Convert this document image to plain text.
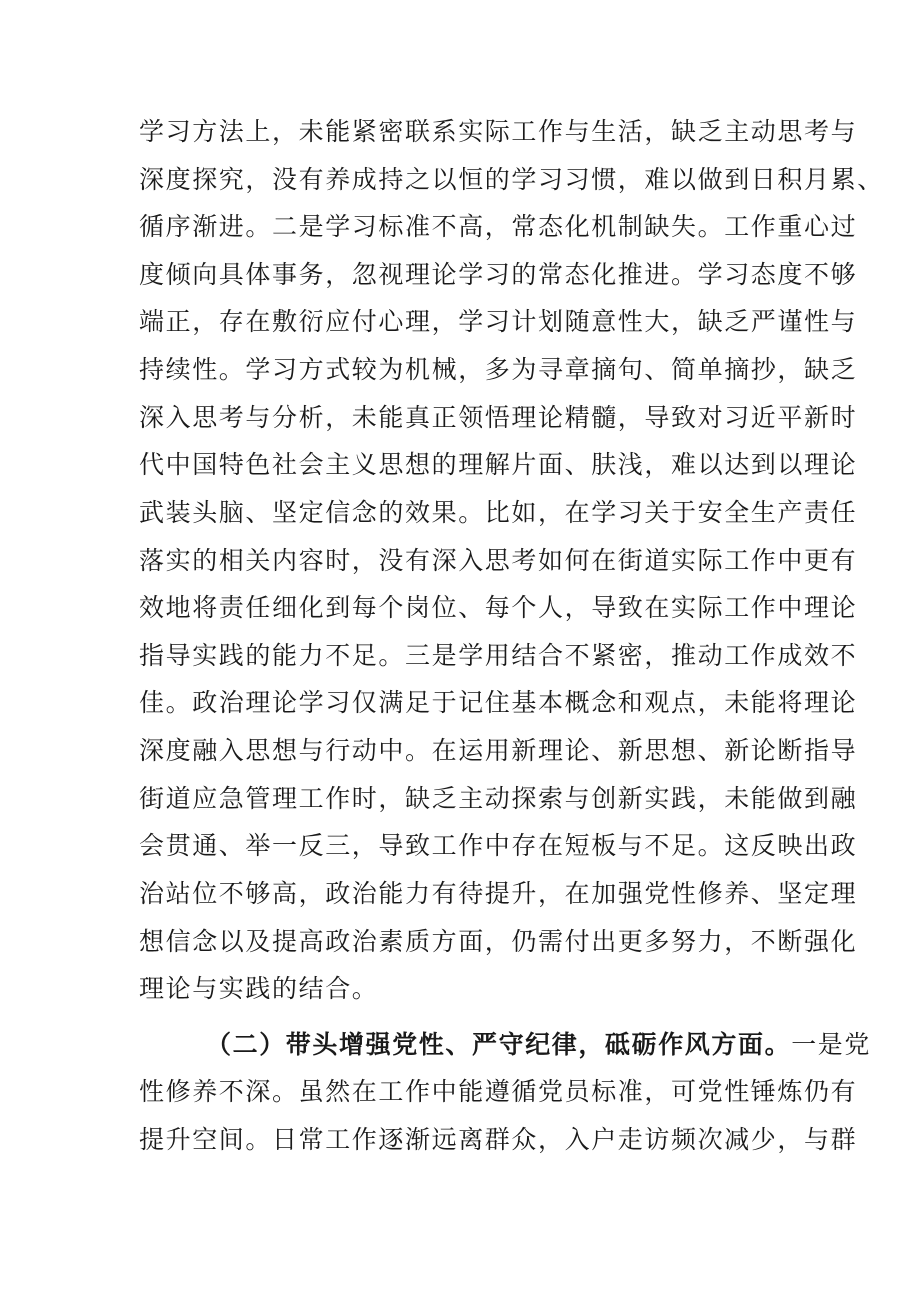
学习方法上，未能紧密联系实际工作与生活，缺乏主动思考与
深度探究，没有养成持之以恒的学习习惯，难以做到日积月累、
循序渐进。二是学习标准不高，常态化机制缺失。工作重心过
度倾向具体事务，忽视理论学习的常态化推进。学习态度不够
端正，存在敷衍应付心理，学习计划随意性大，缺乏严谨性与
持续性。学习方式较为机械，多为寻章摘句、简单摘抄，缺乏
深入思考与分析，未能真正领悟理论精髓，导致对习近平新时
代中国特色社会主义思想的理解片面、肤浅，难以达到以理论
武装头脑、坚定信念的效果。比如，在学习关于安全生产责任
落实的相关内容时，没有深入思考如何在街道实际工作中更有
效地将责任细化到每个岗位、每个人，导致在实际工作中理论
指导实践的能力不足。三是学用结合不紧密，推动工作成效不
佳。政治理论学习仅满足于记住基本概念和观点，未能将理论
深度融入思想与行动中。在运用新理论、新思想、新论断指导
街道应急管理工作时，缺乏主动探索与创新实践，未能做到融
会贯通、举一反三，导致工作中存在短板与不足。这反映出政
治站位不够高，政治能力有待提升，在加强党性修养、坚定理
想信念以及提高政治素质方面，仍需付出更多努力，不断强化
理论与实践的结合。
（二）带头增强党性、严守纪律，砥砺作风方面。一是党
性修养不深。虽然在工作中能遵循党员标准，可党性锤炼仍有
提升空间。日常工作逐渐远离群众，入户走访频次减少，与群
